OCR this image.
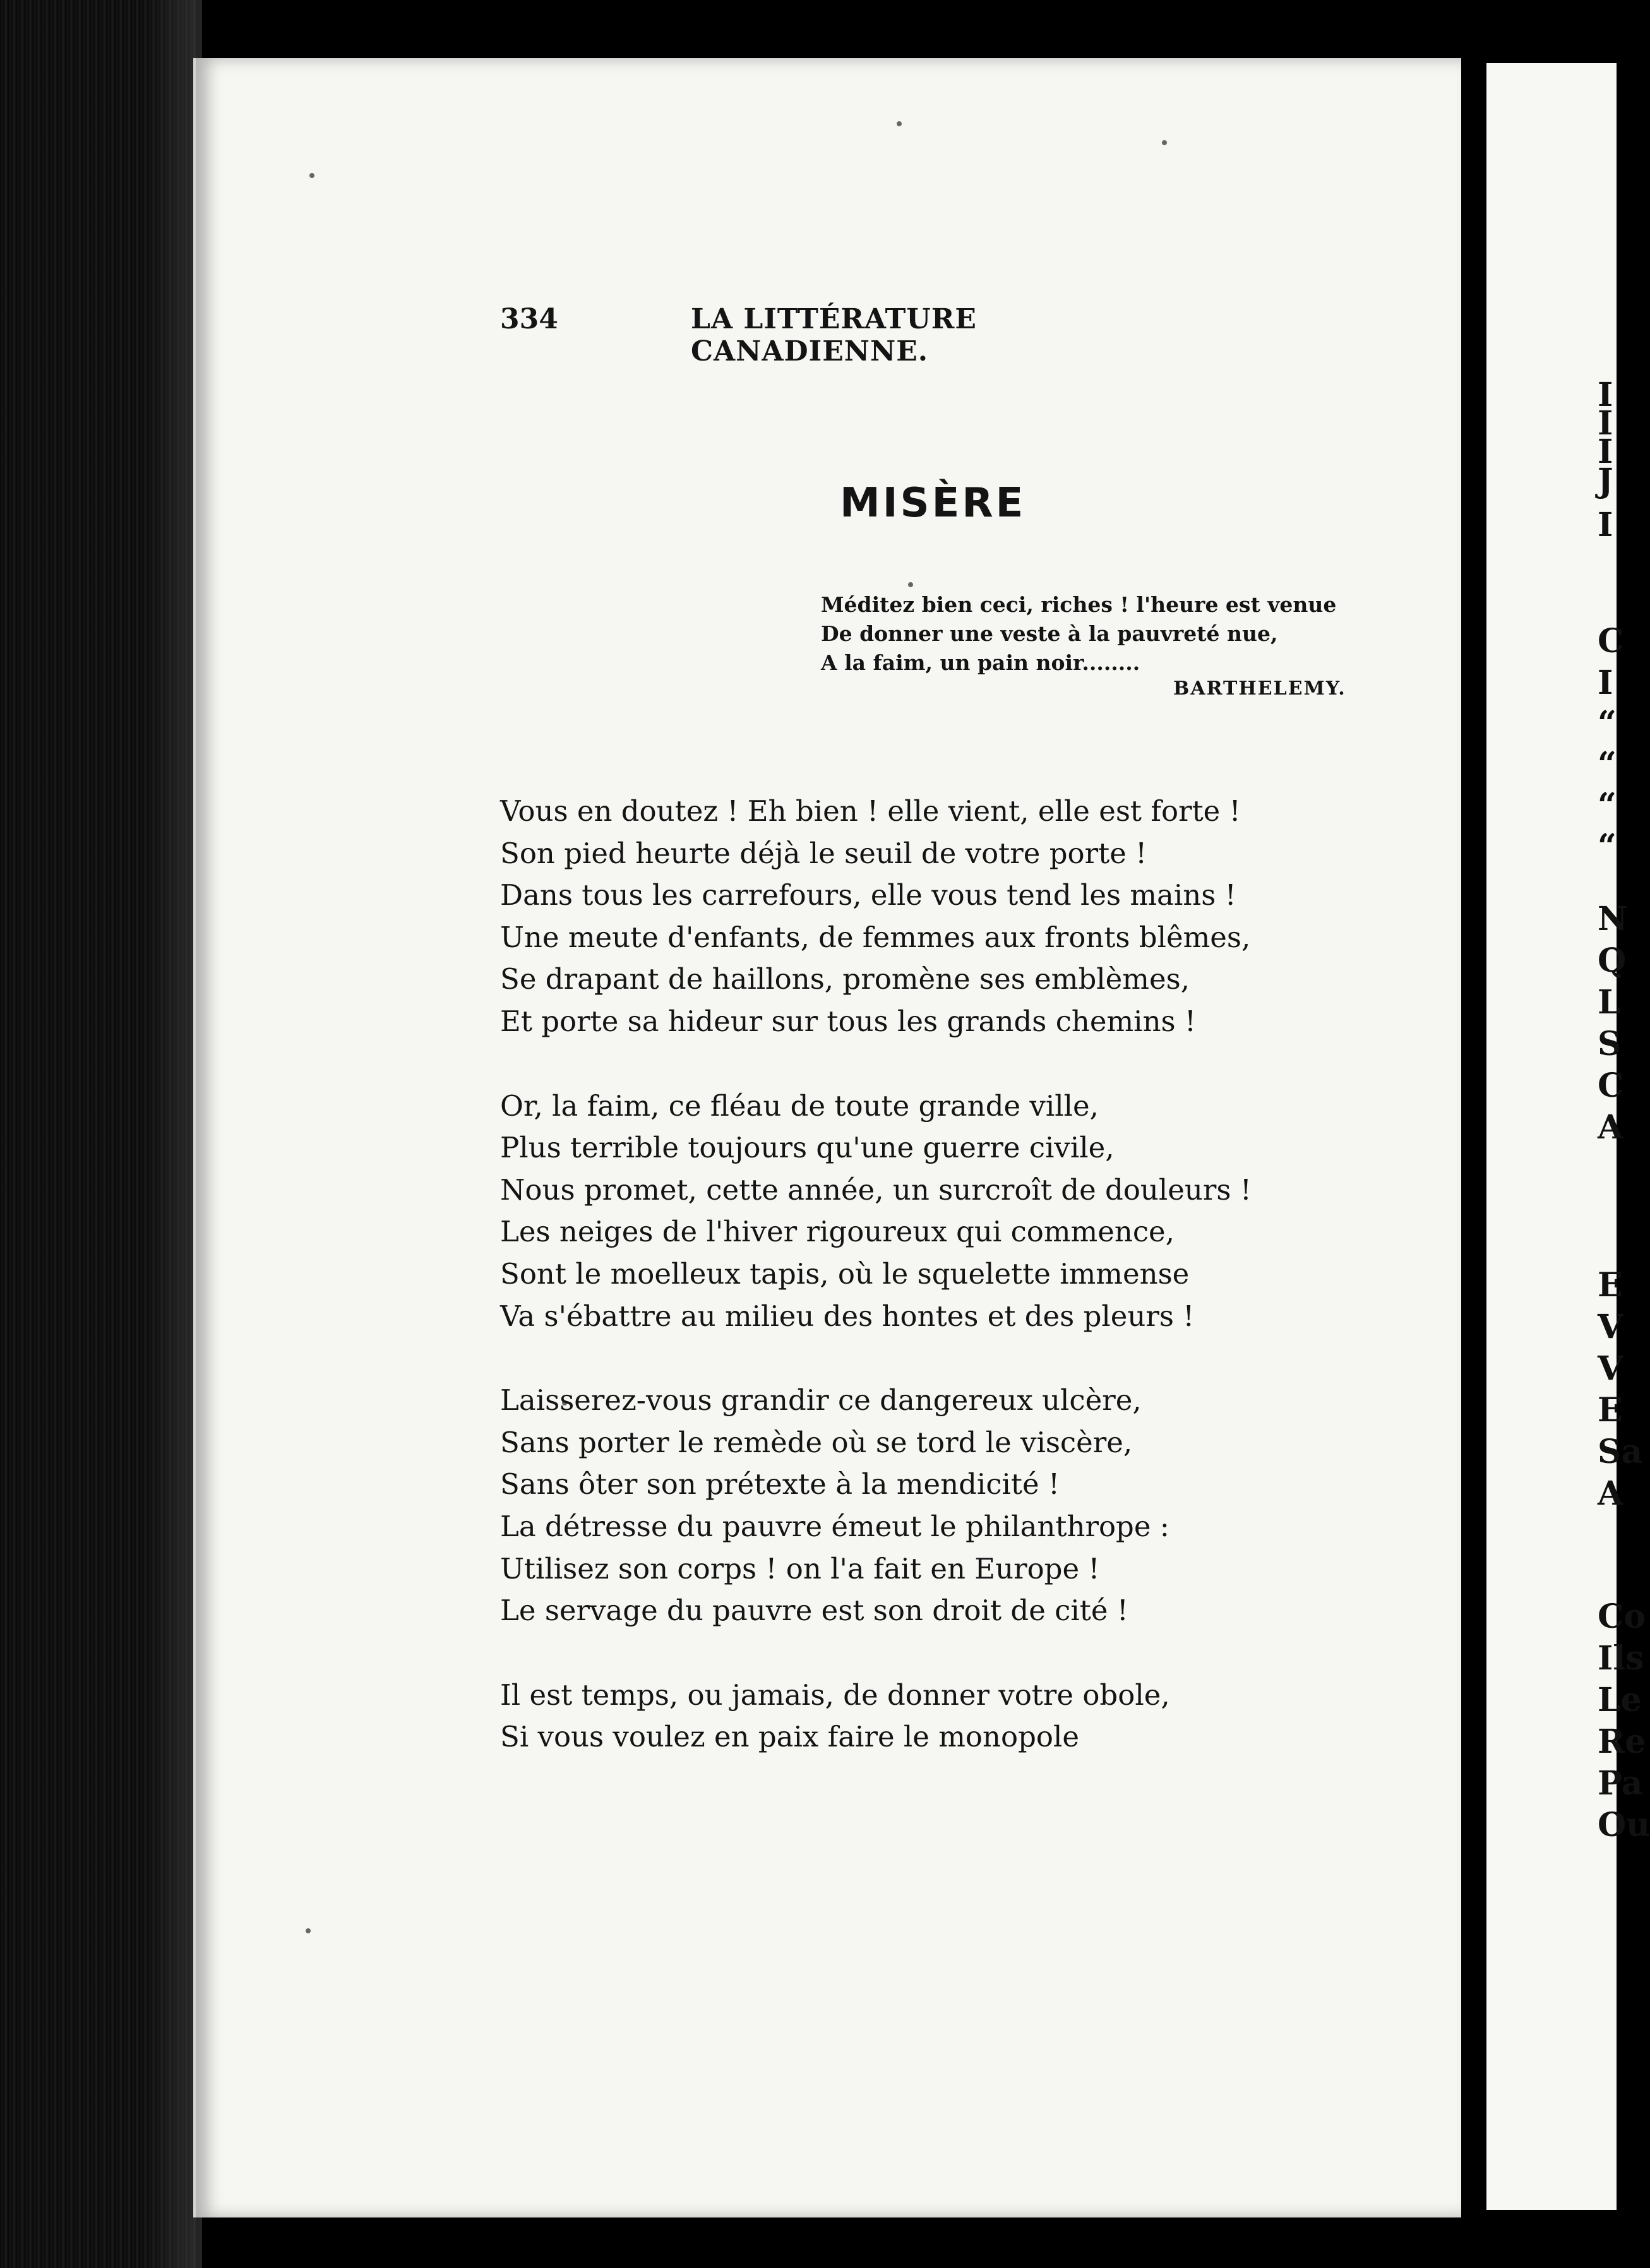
334	LA LITTÉRATURE CANADIENNE.
MISÈRE
Méditez bien ceci, riches ! l'heure est venue
De donner une veste à la pauvreté nue,
A la faim, un pain noir........
BARTHELEMY.
Vous en doutez ! Eh bien ! elle vient, elle est forte !
Son pied heurte déjà le seuil de votre porte !
Dans tous les carrefours, elle vous tend les mains !
Une meute d'enfants, de femmes aux fronts blêmes,
Se drapant de haillons, promène ses emblèmes,
Et porte sa hideur sur tous les grands chemins !
Or, la faim, ce fléau de toute grande ville,
Plus terrible toujours qu'une guerre civile,
Nous promet, cette année, un surcroît de douleurs !
Les neiges de l'hiver rigoureux qui commence,
Sont le moelleux tapis, où le squelette immense
Va s'ébattre au milieu des hontes et des pleurs !
Laisserez-vous grandir ce dangereux ulcère,
Sans porter le remède où se tord le viscère,
Sans ôter son prétexte à la mendicité !
La détresse du pauvre émeut le philanthrope :
Utilisez son corps ! on l'a fait en Europe !
Le servage du pauvre est son droit de cité !
Il est temps, ou jamais, de donner votre obole,
Si vous voulez en paix faire le monopole
I
I
I
J
I
C
I
“
“
“
“
N
Q
L
S
C
A
E
V
V
E
Sa
A
Co
Ils
Le
Re
Pa
Ou
